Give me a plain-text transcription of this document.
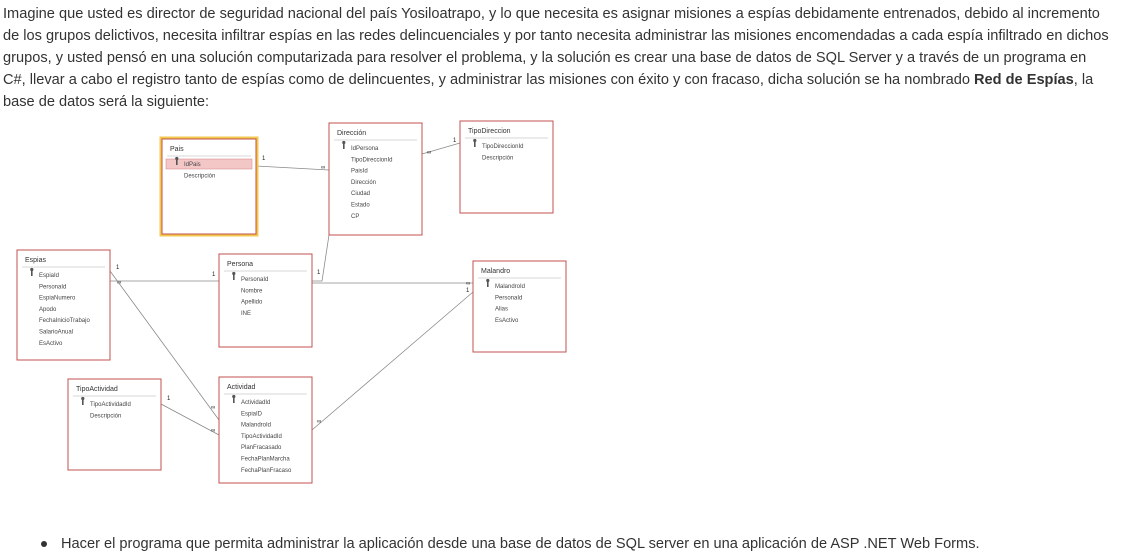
Imagine que usted es director de seguridad nacional del país Yosiloatrapo, y lo que necesita es asignar misiones a espías debidamente entrenados, debido al incremento de los grupos delictivos, necesita infiltrar espías en las redes delincuenciales y por tanto necesita administrar las misiones encomendadas a cada espía infiltrado en dichos grupos, y usted pensó en una solución computarizada para resolver el problema, y la solución es crear una base de datos de SQL Server y a través de un programa en C#, llevar a cabo el registro tanto de espías como de delincuentes, y administrar las misiones con éxito y con fracaso, dicha solución se ha nombrado Red de Espías, la base de datos será la siguiente:
1
∞
1
∞
1
1
∞
1
∞
∞
1
∞
1
∞
Pais
IdPais
Descripción
Dirección
IdPersona
TipoDireccionId
PaisId
Dirección
Ciudad
Estado
CP
TipoDireccion
TipoDireccionId
Descripción
Espias
EspiaId
PersonaId
EspiaNumero
Apodo
FechaInicioTrabajo
SalarioAnual
EsActivo
Persona
PersonaId
Nombre
Apellido
INE
Malandro
MalandroId
PersonaId
Alias
EsActivo
TipoActividad
TipoActividadId
Descripción
Actividad
ActividadId
EspiaID
MalandroId
TipoActividadId
PlanFracasado
FechaPlanMarcha
FechaPlanFracaso
Hacer el programa que permita administrar la aplicación desde una base de datos de SQL server en una aplicación de ASP .NET Web Forms.
